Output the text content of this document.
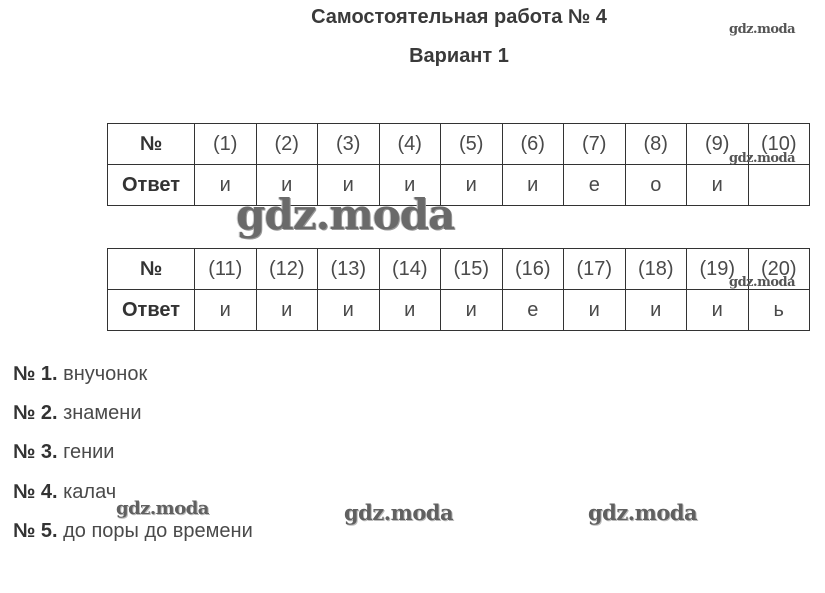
Самостоятельная работа № 4
Вариант 1
№	(1)	(2)	(3)	(4)	(5)	(6)	(7)	(8)	(9)	(10)
Ответ	и	и	и	и	и	и	е	о	и	
№	(11)	(12)	(13)	(14)	(15)	(16)	(17)	(18)	(19)	(20)
Ответ	и	и	и	и	и	е	и	и	и	ь
№ 1. внучонок
№ 2. знамени
№ 3. гении
№ 4. калач
№ 5. до поры до времени
gdz.moda
gdz.moda
gdz.moda
gdz.moda
gdz.moda	gdz.moda	gdz.moda
